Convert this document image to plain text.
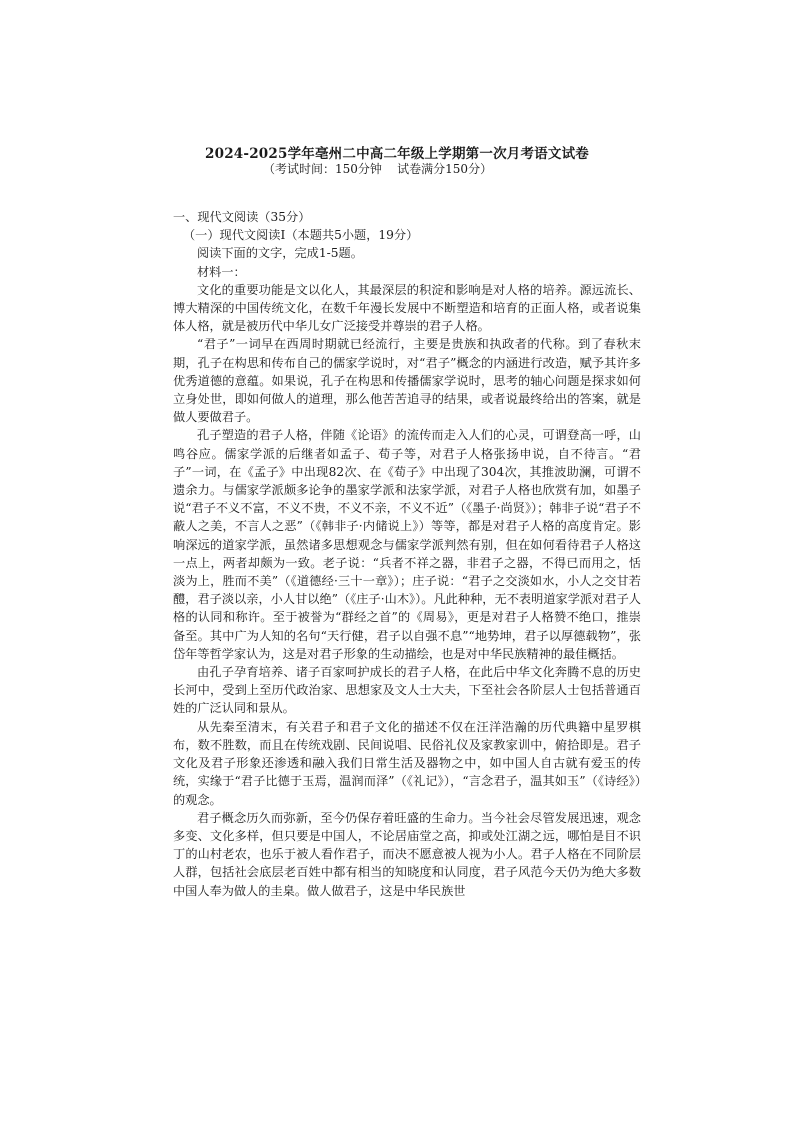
2024-2025学年亳州二中高二年级上学期第一次月考语文试卷
（考试时间：150分钟    试卷满分150分）

一、现代文阅读（35分）

（一）现代文阅读I（本题共5小题，19分）

阅读下面的文字，完成1-5题。

材料一：

文化的重要功能是文以化人，其最深层的积淀和影响是对人格的培养。源远流长、博大精深的中国传统文化，在数千年漫长发展中不断塑造和培育的正面人格，或者说集体人格，就是被历代中华儿女广泛接受并尊崇的君子人格。

“君子”一词早在西周时期就已经流行，主要是贵族和执政者的代称。到了春秋末期，孔子在构思和传布自己的儒家学说时，对“君子”概念的内涵进行改造，赋予其许多优秀道德的意蕴。如果说，孔子在构思和传播儒家学说时，思考的轴心问题是探求如何立身处世，即如何做人的道理，那么他苦苦追寻的结果，或者说最终给出的答案，就是做人要做君子。

孔子塑造的君子人格，伴随《论语》的流传而走入人们的心灵，可谓登高一呼，山鸣谷应。儒家学派的后继者如孟子、荀子等，对君子人格张扬申说，自不待言。“君子”一词，在《孟子》中出现82次、在《荀子》中出现了304次，其推波助澜，可谓不遗余力。与儒家学派颇多论争的墨家学派和法家学派，对君子人格也欣赏有加，如墨子说“君子不义不富，不义不贵，不义不亲，不义不近”（《墨子·尚贤》）；韩非子说“君子不蔽人之美，不言人之恶”（《韩非子·内储说上》）等等，都是对君子人格的高度肯定。影响深远的道家学派，虽然诸多思想观念与儒家学派判然有别，但在如何看待君子人格这一点上，两者却颇为一致。老子说：“兵者不祥之器，非君子之器，不得已而用之，恬淡为上，胜而不美”（《道德经·三十一章》）；庄子说：“君子之交淡如水，小人之交甘若醴，君子淡以亲，小人甘以绝”（《庄子·山木》）。凡此种种，无不表明道家学派对君子人格的认同和称许。至于被誉为“群经之首”的《周易》，更是对君子人格赞不绝口，推崇备至。其中广为人知的名句“天行健，君子以自强不息”“地势坤，君子以厚德载物”，张岱年等哲学家认为，这是对君子形象的生动描绘，也是对中华民族精神的最佳概括。

由孔子孕育培养、诸子百家呵护成长的君子人格，在此后中华文化奔腾不息的历史长河中，受到上至历代政治家、思想家及文人士大夫，下至社会各阶层人士包括普通百姓的广泛认同和景从。

从先秦至清末，有关君子和君子文化的描述不仅在汪洋浩瀚的历代典籍中星罗棋布，数不胜数，而且在传统戏剧、民间说唱、民俗礼仪及家教家训中，俯拾即是。君子文化及君子形象还渗透和融入我们日常生活及器物之中，如中国人自古就有爱玉的传统，实缘于“君子比德于玉焉，温润而泽”（《礼记》），“言念君子，温其如玉”（《诗经》）的观念。

君子概念历久而弥新，至今仍保存着旺盛的生命力。当今社会尽管发展迅速，观念多变、文化多样，但只要是中国人，不论居庙堂之高，抑或处江湖之远，哪怕是目不识丁的山村老农，也乐于被人看作君子，而决不愿意被人视为小人。君子人格在不同阶层人群，包括社会底层老百姓中都有相当的知晓度和认同度，君子风范今天仍为绝大多数中国人奉为做人的圭臬。做人做君子，这是中华民族世
